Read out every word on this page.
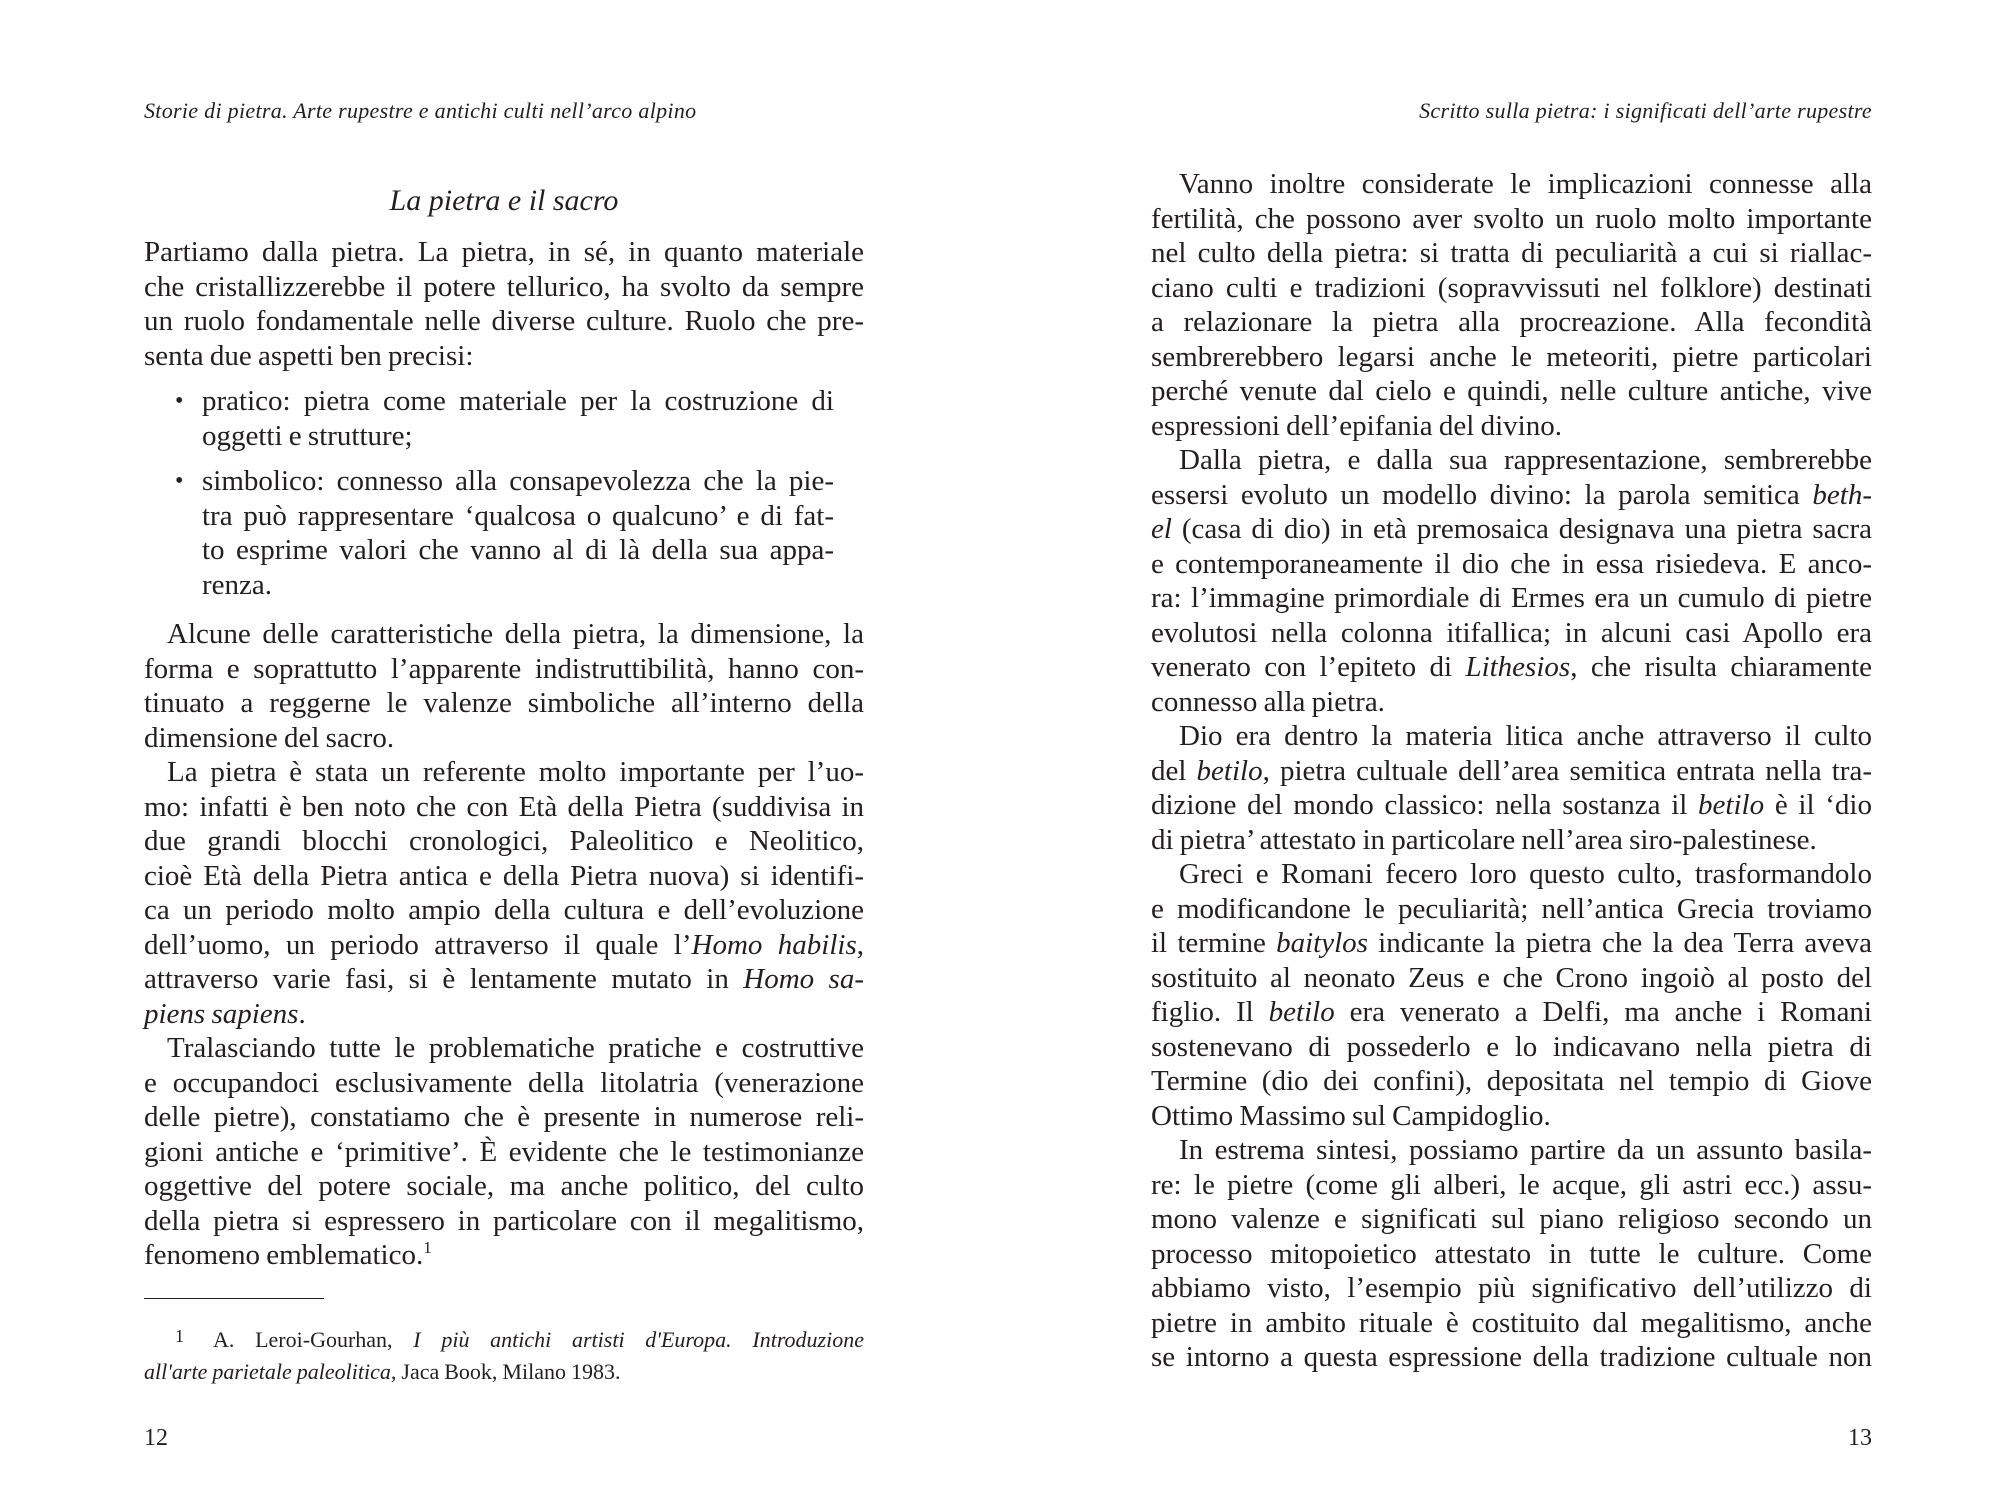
Storie di pietra. Arte rupestre e antichi culti nell’arco alpino
La pietra e il sacro
Partiamo dalla pietra. La pietra, in sé, in quanto materiale
che cristallizzerebbe il potere tellurico, ha svolto da sempre
un ruolo fondamentale nelle diverse culture. Ruolo che pre-
senta due aspetti ben precisi:
• pratico: pietra come materiale per la costruzione di
oggetti e strutture;
• simbolico: connesso alla consapevolezza che la pie-
tra può rappresentare ‘qualcosa o qualcuno’ e di fat-
to esprime valori che vanno al di là della sua appa-
renza.
Alcune delle caratteristiche della pietra, la dimensione, la
forma e soprattutto l’apparente indistruttibilità, hanno con-
tinuato a reggerne le valenze simboliche all’interno della
dimensione del sacro.
La pietra è stata un referente molto importante per l’uo-
mo: infatti è ben noto che con Età della Pietra (suddivisa in
due grandi blocchi cronologici, Paleolitico e Neolitico,
cioè Età della Pietra antica e della Pietra nuova) si identifi-
ca un periodo molto ampio della cultura e dell’evoluzione
dell’uomo, un periodo attraverso il quale l’Homo habilis,
attraverso varie fasi, si è lentamente mutato in Homo sa-
piens sapiens.
Tralasciando tutte le problematiche pratiche e costruttive
e occupandoci esclusivamente della litolatria (venerazione
delle pietre), constatiamo che è presente in numerose reli-
gioni antiche e ‘primitive’. È evidente che le testimonianze
oggettive del potere sociale, ma anche politico, del culto
della pietra si espressero in particolare con il megalitismo,
fenomeno emblematico.$^1$
1 A. Leroi-Gourhan, I più antichi artisti d'Europa. Introduzione
all'arte parietale paleolitica, Jaca Book, Milano 1983.
12
Scritto sulla pietra: i significati dell’arte rupestre
Vanno inoltre considerate le implicazioni connesse alla
fertilità, che possono aver svolto un ruolo molto importante
nel culto della pietra: si tratta di peculiarità a cui si riallac-
ciano culti e tradizioni (sopravvissuti nel folklore) destinati
a relazionare la pietra alla procreazione. Alla fecondità
sembrerebbero legarsi anche le meteoriti, pietre particolari
perché venute dal cielo e quindi, nelle culture antiche, vive
espressioni dell’epifania del divino.
Dalla pietra, e dalla sua rappresentazione, sembrerebbe
essersi evoluto un modello divino: la parola semitica beth-
el (casa di dio) in età premosaica designava una pietra sacra
e contemporaneamente il dio che in essa risiedeva. E anco-
ra: l’immagine primordiale di Ermes era un cumulo di pietre
evolutosi nella colonna itifallica; in alcuni casi Apollo era
venerato con l’epiteto di Lithesios, che risulta chiaramente
connesso alla pietra.
Dio era dentro la materia litica anche attraverso il culto
del betilo, pietra cultuale dell’area semitica entrata nella tra-
dizione del mondo classico: nella sostanza il betilo è il ‘dio
di pietra’ attestato in particolare nell’area siro-palestinese.
Greci e Romani fecero loro questo culto, trasformandolo
e modificandone le peculiarità; nell’antica Grecia troviamo
il termine baitylos indicante la pietra che la dea Terra aveva
sostituito al neonato Zeus e che Crono ingoiò al posto del
figlio. Il betilo era venerato a Delfi, ma anche i Romani
sostenevano di possederlo e lo indicavano nella pietra di
Termine (dio dei confini), depositata nel tempio di Giove
Ottimo Massimo sul Campidoglio.
In estrema sintesi, possiamo partire da un assunto basila-
re: le pietre (come gli alberi, le acque, gli astri ecc.) assu-
mono valenze e significati sul piano religioso secondo un
processo mitopoietico attestato in tutte le culture. Come
abbiamo visto, l’esempio più significativo dell’utilizzo di
pietre in ambito rituale è costituito dal megalitismo, anche
se intorno a questa espressione della tradizione cultuale non
13
